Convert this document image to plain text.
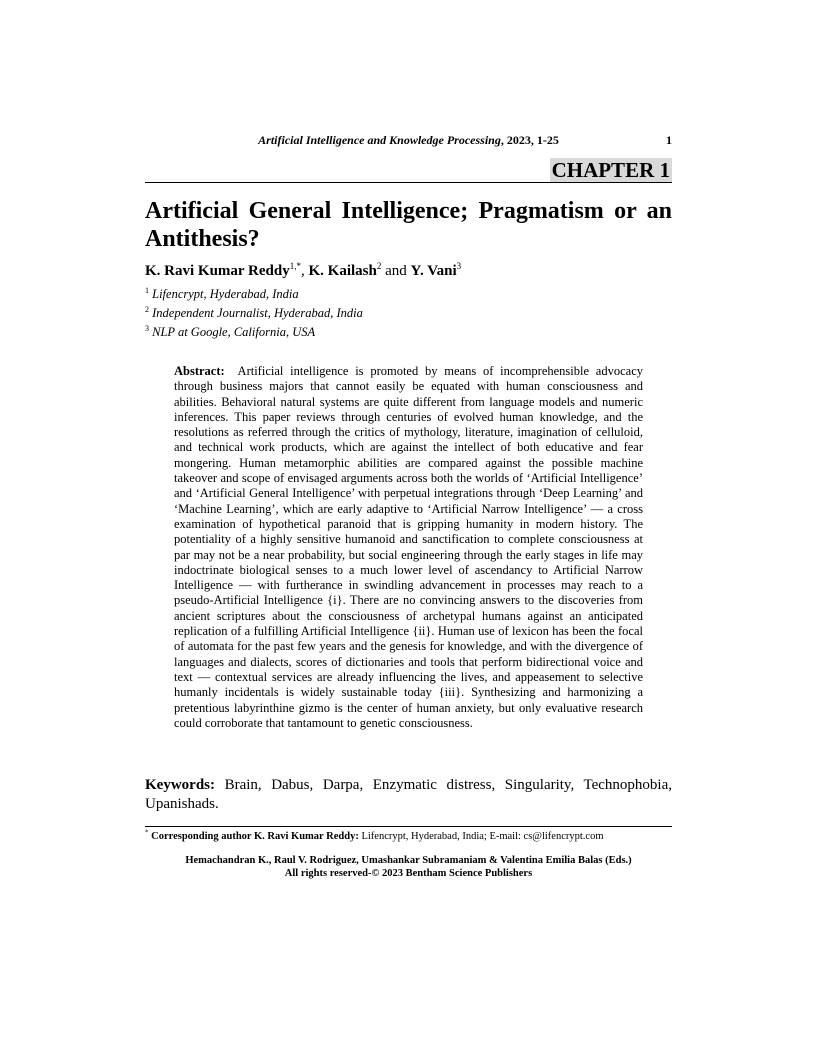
Artificial Intelligence and Knowledge Processing, 2023, 1-25	1
CHAPTER 1
Artificial General Intelligence; Pragmatism or an Antithesis?
K. Ravi Kumar Reddy$^{1,*}$, K. Kailash$^2$ and Y. Vani$^3$
$^1$ Lifencrypt, Hyderabad, India
$^2$ Independent Journalist, Hyderabad, India
$^3$ NLP at Google, California, USA

Abstract: Artificial intelligence is promoted by means of incomprehensible advocacy through business majors that cannot easily be equated with human consciousness and abilities. Behavioral natural systems are quite different from language models and numeric inferences. This paper reviews through centuries of evolved human knowledge, and the resolutions as referred through the critics of mythology, literature, imagination of celluloid, and technical work products, which are against the intellect of both educative and fear mongering. Human metamorphic abilities are compared against the possible machine takeover and scope of envisaged arguments across both the worlds of ‘Artificial Intelligence’ and ‘Artificial General Intelligence’ with perpetual integrations through ‘Deep Learning’ and ‘Machine Learning’, which are early adaptive to ‘Artificial Narrow Intelligence’ — a cross examination of hypothetical paranoid that is gripping humanity in modern history. The potentiality of a highly sensitive humanoid and sanctification to complete consciousness at par may not be a near probability, but social engineering through the early stages in life may indoctrinate biological senses to a much lower level of ascendancy to Artificial Narrow Intelligence — with furtherance in swindling advancement in processes may reach to a pseudo-Artificial Intelligence {i}. There are no convincing answers to the discoveries from ancient scriptures about the consciousness of archetypal humans against an anticipated replication of a fulfilling Artificial Intelligence {ii}. Human use of lexicon has been the focal of automata for the past few years and the genesis for knowledge, and with the divergence of languages and dialects, scores of dictionaries and tools that perform bidirectional voice and text — contextual services are already influencing the lives, and appeasement to selective humanly incidentals is widely sustainable today {iii}. Synthesizing and harmonizing a pretentious labyrinthine gizmo is the center of human anxiety, but only evaluative research could corroborate that tantamount to genetic consciousness.

Keywords: Brain, Dabus, Darpa, Enzymatic distress, Singularity, Technophobia, Upanishads.

* Corresponding author K. Ravi Kumar Reddy: Lifencrypt, Hyderabad, India; E-mail: cs@lifencrypt.com
Hemachandran K., Raul V. Rodriguez, Umashankar Subramaniam & Valentina Emilia Balas (Eds.)
All rights reserved-© 2023 Bentham Science Publishers
